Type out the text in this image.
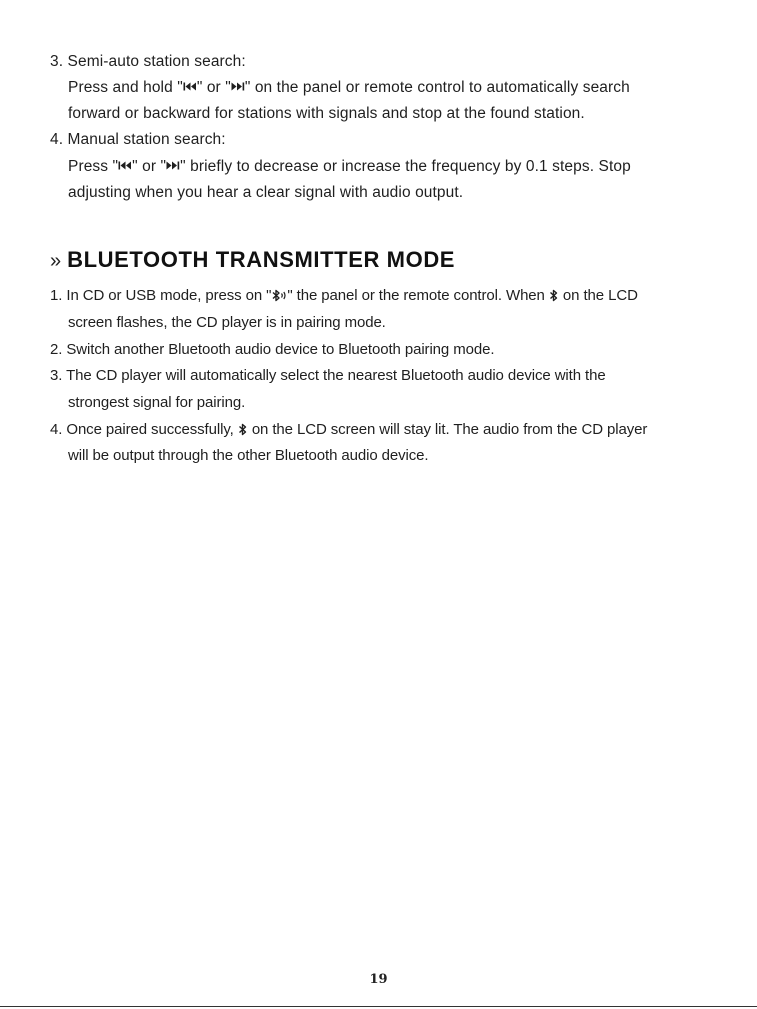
3. Semi-auto station search:
Press and hold " " or " " on the panel or remote control to automatically search
forward or backward for stations with signals and stop at the found station.
4. Manual station search:
Press " " or " " briefly to decrease or increase the frequency by 0.1 steps. Stop
adjusting when you hear a clear signal with audio output.
» BLUETOOTH TRANSMITTER MODE
1. In CD or USB mode, press on " " the panel or the remote control. When
on the LCD
screen flashes, the CD player is in pairing mode.
2. Switch another Bluetooth audio device to Bluetooth pairing mode.
3. The CD player will automatically select the nearest Bluetooth audio device with the
strongest signal for pairing.
4. Once paired successfully,
on the LCD screen will stay lit. The audio from the CD player
will be output through the other Bluetooth audio device.
19
